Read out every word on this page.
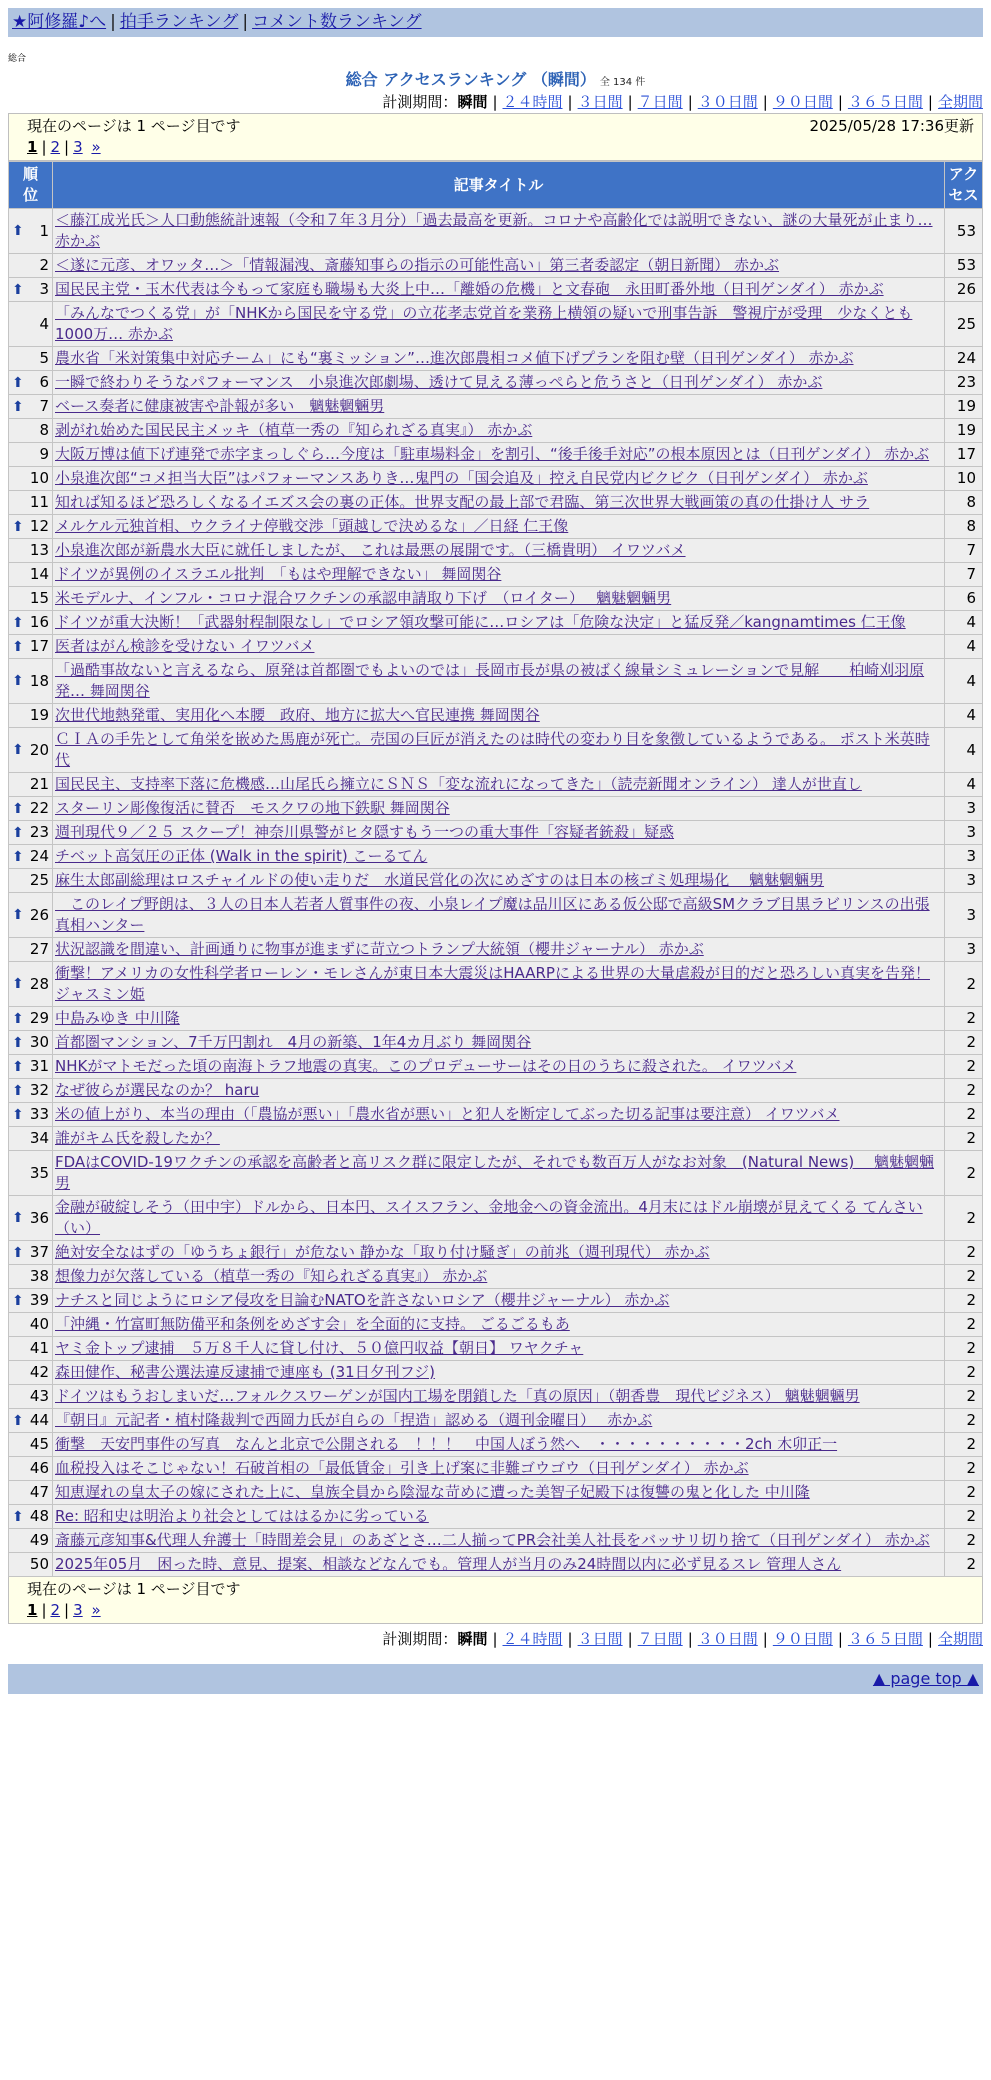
★阿修羅♪へ | 拍手ランキング | コメント数ランキング
総合
総合 アクセスランキング （瞬間） 全 134 件
計測期間：瞬間 | ２４時間 | ３日間 | ７日間 | ３０日間 | ９０日間 | ３６５日間 | 全期間
現在のページは 1 ページ目です	2025/05/28 17:36更新
1 | 2 | 3 »
順位	記事タイトル	アクセス

⬆ 1	＜藤江成光氏＞人口動態統計速報（令和７年３月分）「過去最高を更新。コロナや高齢化では説明できない、謎の大量死が止まり… 赤かぶ	53
2	＜遂に元彦、オワッタ…＞「情報漏洩、斎藤知事らの指示の可能性高い」第三者委認定（朝日新聞） 赤かぶ	53

⬆ 3	国民民主党・玉木代表は今もって家庭も職場も大炎上中…「離婚の危機」と文春砲　永田町番外地（日刊ゲンダイ） 赤かぶ	26
4	「みんなでつくる党」が「NHKから国民を守る党」の立花孝志党首を業務上横領の疑いで刑事告訴　警視庁が受理　少なくとも1000万… 赤かぶ	25
5	農水省「米対策集中対応チーム」にも“裏ミッション”…進次郎農相コメ値下げプランを阻む壁（日刊ゲンダイ） 赤かぶ	24

⬆ 6	一瞬で終わりそうなパフォーマンス　小泉進次郎劇場、透けて見える薄っぺらと危うさと（日刊ゲンダイ） 赤かぶ	23

⬆ 7	ベース奏者に健康被害や訃報が多い　魑魅魍魎男	19
8	剥がれ始めた国民民主メッキ（植草一秀の『知られざる真実』） 赤かぶ	19
9	大阪万博は値下げ連発で赤字まっしぐら…今度は「駐車場料金」を割引、“後手後手対応”の根本原因とは（日刊ゲンダイ） 赤かぶ	17
10	小泉進次郎“コメ担当大臣”はパフォーマンスありき…鬼門の「国会追及」控え自民党内ビクビク（日刊ゲンダイ） 赤かぶ	10
11	知れば知るほど恐ろしくなるイエズス会の裏の正体。世界支配の最上部で君臨、第三次世界大戦画策の真の仕掛け人 サラ	8

⬆ 12	メルケル元独首相、ウクライナ停戦交渉「頭越しで決めるな」／日経 仁王像	8
13	小泉進次郎が新農水大臣に就任しましたが、 これは最悪の展開です。（三橋貴明） イワツバメ	7
14	ドイツが異例のイスラエル批判　「もはや理解できない」 舞岡関谷	7
15	米モデルナ、インフル・コロナ混合ワクチンの承認申請取り下げ　（ロイター）　 魑魅魍魎男	6

⬆ 16	ドイツが重大決断！「武器射程制限なし」でロシア領攻撃可能に…ロシアは「危険な決定」と猛反発／kangnamtimes 仁王像	4

⬆ 17	医者はがん検診を受けない イワツバメ	4

⬆ 18	「過酷事故ないと言えるなら、原発は首都圏でもよいのでは」長岡市長が県の被ばく線量シミュレーションで見解　　柏崎刈羽原発… 舞岡関谷	4
19	次世代地熱発電、実用化へ本腰　政府、地方に拡大へ官民連携 舞岡関谷	4

⬆ 20	ＣＩＡの手先として角栄を嵌めた馬鹿が死亡。売国の巨匠が消えたのは時代の変わり目を象徴しているようである。 ポスト米英時代	4
21	国民民主、支持率下落に危機感…山尾氏ら擁立にＳＮＳ「変な流れになってきた」（読売新聞オンライン） 達人が世直し	4

⬆ 22	スターリン彫像復活に賛否　モスクワの地下鉄駅 舞岡関谷	3

⬆ 23	週刊現代９／２５ スクープ！神奈川県警がヒタ隠すもう一つの重大事件「容疑者銃殺」疑惑	3

⬆ 24	チベット高気圧の正体 (Walk in the spirit) こーるてん	3
25	麻生太郎副総理はロスチャイルドの使い走りだ　水道民営化の次にめざすのは日本の核ゴミ処理場化　 魑魅魍魎男	3

⬆ 26	　このレイプ野朗は、３人の日本人若者人質事件の夜、小泉レイプ魔は品川区にある仮公邸で高級SMクラブ目黒ラビリンスの出張 真相ハンター	3
27	状況認識を間違い、計画通りに物事が進まずに苛立つトランプ大統領（櫻井ジャーナル） 赤かぶ	3

⬆ 28	衝撃！アメリカの女性科学者ローレン・モレさんが東日本大震災はHAARPによる世界の大量虐殺が目的だと恐ろしい真実を告発！ ジャスミン姫	2

⬆ 29	中島みゆき 中川隆	2

⬆ 30	首都圏マンション、7千万円割れ　4月の新築、1年4カ月ぶり 舞岡関谷	2

⬆ 31	NHKがマトモだった頃の南海トラフ地震の真実。このプロデューサーはその日のうちに殺された。 イワツバメ	2

⬆ 32	なぜ彼らが選民なのか？ haru	2

⬆ 33	米の値上がり、本当の理由（「農協が悪い」「農水省が悪い」と犯人を断定してぶった切る記事は要注意） イワツバメ	2
34	誰がキム氏を殺したか？	2
35	FDAはCOVID-19ワクチンの承認を高齢者と高リスク群に限定したが、それでも数百万人がなお対象　(Natural News)　 魑魅魍魎男	2

⬆ 36	金融が破綻しそう（田中宇）ドルから、日本円、スイスフラン、金地金への資金流出。4月末にはドル崩壊が見えてくる てんさい（い）	2

⬆ 37	絶対安全なはずの「ゆうちょ銀行」が危ない 静かな「取り付け騒ぎ」の前兆（週刊現代） 赤かぶ	2
38	想像力が欠落している（植草一秀の『知られざる真実』） 赤かぶ	2

⬆ 39	ナチスと同じようにロシア侵攻を目論むNATOを許さないロシア（櫻井ジャーナル） 赤かぶ	2
40	「沖縄・竹富町無防備平和条例をめざす会」を全面的に支持。 ごるごるもあ	2
41	ヤミ金トップ逮捕　５万８千人に貸し付け、５０億円収益【朝日】 ワヤクチャ	2
42	森田健作、秘書公選法違反逮捕で連座も (31日夕刊フジ)	2
43	ドイツはもうおしまいだ…フォルクスワーゲンが国内工場を閉鎖した「真の原因」（朝香豊　現代ビジネス） 魑魅魍魎男	2

⬆ 44	『朝日』元記者・植村隆裁判で西岡力氏が自らの「捏造」認める（週刊金曜日）　 赤かぶ	2
45	衝撃　天安門事件の写真　なんと北京で公開される　！！！　中国人ぼう然へ　・・・・・・・・・・2ch 木卯正一	2
46	血税投入はそこじゃない！石破首相の「最低賃金」引き上げ案に非難ゴウゴウ（日刊ゲンダイ） 赤かぶ	2
47	知恵遅れの皇太子の嫁にされた上に、皇族全員から陰湿な苛めに遭った美智子妃殿下は復讐の鬼と化した 中川隆	2

⬆ 48	Re: 昭和史は明治より社会としてははるかに劣っている	2
49	斎藤元彦知事&代理人弁護士「時間差会見」のあざとさ…二人揃ってPR会社美人社長をバッサリ切り捨て（日刊ゲンダイ） 赤かぶ	2
50	2025年05月　困った時、意見、提案、相談などなんでも。管理人が当月のみ24時間以内に必ず見るスレ 管理人さん	2
現在のページは 1 ページ目です
1 | 2 | 3 »
計測期間：瞬間 | ２４時間 | ３日間 | ７日間 | ３０日間 | ９０日間 | ３６５日間 | 全期間
▲ page top ▲
